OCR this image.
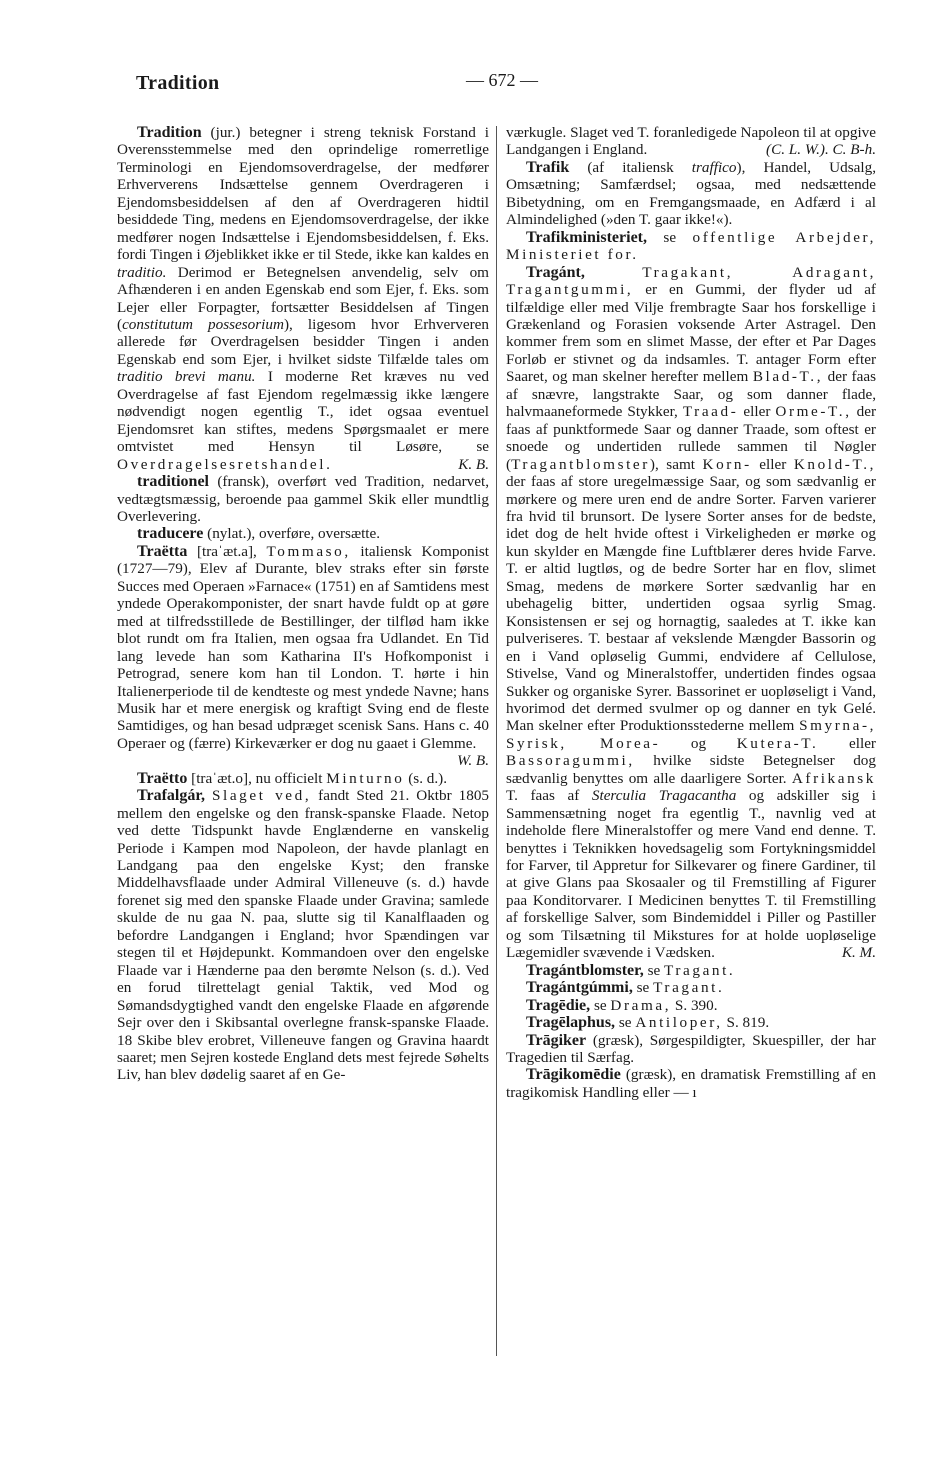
Tradition	— 672 —

Tradition (jur.) betegner i streng teknisk Forstand i Overensstemmelse med den oprindelige romerretlige Terminologi en Ejendomsoverdragelse, der medfører Erhververens Indsættelse gennem Overdrageren i Ejendomsbesiddelsen af den af Overdrageren hidtil besiddede Ting, medens en Ejendomsoverdragelse, der ikke medfører nogen Indsættelse i Ejendomsbesiddelsen, f. Eks. fordi Tingen i Øjeblikket ikke er til Stede, ikke kan kaldes en traditio. Derimod er Betegnelsen anvendelig, selv om Afhænderen i en anden Egenskab end som Ejer, f. Eks. som Lejer eller Forpagter, fortsætter Besiddelsen af Tingen (constitutum possesorium), ligesom hvor Erhververen allerede før Overdragelsen besidder Tingen i anden Egenskab end som Ejer, i hvilket sidste Tilfælde tales om traditio brevi manu. I moderne Ret kræves nu ved Overdragelse af fast Ejendom regelmæssig ikke længere nødvendigt nogen egentlig T., idet ogsaa eventuel Ejendomsret kan stiftes, medens Spørgsmaalet er mere omtvistet med Hensyn til Løsøre, se Overdragelsesretshandel.	K. B.

traditionel (fransk), overført ved Tradition, nedarvet, vedtægtsmæssig, beroende paa gammel Skik eller mundtlig Overlevering.

traducere (nylat.), overføre, oversætte.

Traëtta [traˈæt.a], Tommaso, italiensk Komponist (1727—79), Elev af Durante, blev straks efter sin første Succes med Operaen »Farnace« (1751) en af Samtidens mest yndede Operakomponister, der snart havde fuldt op at gøre med at tilfredsstillede de Bestillinger, der tilflød ham ikke blot rundt om fra Italien, men ogsaa fra Udlandet. En Tid lang levede han som Katharina II's Hofkomponist i Petrograd, senere kom han til London. T. hørte i hin Italienerperiode til de kendteste og mest yndede Navne; hans Musik har et mere energisk og kraftigt Sving end de fleste Samtidiges, og han besad udpræget scenisk Sans. Hans c. 40 Operaer og (færre) Kirkeværker er dog nu gaaet i Glemme.
W. B.

Traëtto [traˈæt.o], nu officielt Minturno (s. d.).

Trafalgár, Slaget ved, fandt Sted 21. Oktbr 1805 mellem den engelske og den fransk-spanske Flaade. Netop ved dette Tidspunkt havde Englænderne en vanskelig Periode i Kampen mod Napoleon, der havde planlagt en Landgang paa den engelske Kyst; den franske Middelhavsflaade under Admiral Villeneuve (s. d.) havde forenet sig med den spanske Flaade under Gravina; samlede skulde de nu gaa N. paa, slutte sig til Kanalflaaden og befordre Landgangen i England; hvor Spændingen var stegen til et Højdepunkt. Kommandoen over den engelske Flaade var i Hænderne paa den berømte Nelson (s. d.). Ved en forud tilrettelagt genial Taktik, ved Mod og Sømandsdygtighed vandt den engelske Flaade en afgørende Sejr over den i Skibsantal overlegne fransk-spanske Flaade. 18 Skibe blev erobret, Villeneuve fangen og Gravina haardt saaret; men Sejren kostede England dets mest fejrede Søhelts Liv, han blev dødelig saaret af en Ge-

værkugle. Slaget ved T. foranledigede Napoleon til at opgive Landgangen i England.	(C. L. W.). C. B-h.

Trafik (af italiensk traffico), Handel, Udsalg, Omsætning; Samfærdsel; ogsaa, med nedsættende Bibetydning, om en Fremgangsmaade, en Adfærd i al Almindelighed (»den T. gaar ikke!«).

Trafikministeriet, se offentlige Arbejder, Ministeriet for.

Tragánt,	Tragakant, Adragant, Tragantgummi, er en Gummi, der flyder ud af tilfældige eller med Vilje frembragte Saar hos forskellige i Grækenland og Forasien voksende Arter Astragel. Den kommer frem som en slimet Masse, der efter et Par Dages Forløb er stivnet og da indsamles. T. antager Form efter Saaret, og man skelner herefter mellem Blad-T., der faas af snævre, langstrakte Saar, og som danner flade, halvmaaneformede Stykker, Traad- eller Orme-T., der faas af punktformede Saar og danner Traade, som oftest er snoede og undertiden rullede sammen til Nøgler (Tragantblomster), samt Korn- eller Knold-T., der faas af store uregelmæssige Saar, og som sædvanlig er mørkere og mere uren end de andre Sorter. Farven varierer fra hvid til brunsort. De lysere Sorter anses for de bedste, idet dog de helt hvide oftest i Virkeligheden er mørke og kun skylder en Mængde fine Luftblærer deres hvide Farve. T. er altid lugtløs, og de bedre Sorter har en flov, slimet Smag, medens de mørkere Sorter sædvanlig har en ubehagelig bitter, undertiden ogsaa syrlig Smag. Konsistensen er sej og hornagtig, saaledes at T. ikke kan pulveriseres. T. bestaar af vekslende Mængder Bassorin og en i Vand opløselig Gummi, endvidere af Cellulose, Stivelse, Vand og Mineralstoffer, undertiden findes ogsaa Sukker og organiske Syrer. Bassorinet er uopløseligt i Vand, hvorimod det dermed svulmer op og danner en tyk Gelé. Man skelner efter Produktionsstederne mellem Smyrna-, Syrisk, Morea- og Kutera-T. eller Bassoragummi, hvilke sidste Betegnelser dog sædvanlig benyttes om alle daarligere Sorter. Afrikansk T. faas af Sterculia Tragacantha og adskiller sig i Sammensætning noget fra egentlig T., navnlig ved at indeholde flere Mineralstoffer og mere Vand end denne. T. benyttes i Teknikken hovedsagelig som Fortykningsmiddel for Farver, til Appretur for Silkevarer og finere Gardiner, til at give Glans paa Skosaaler og til Fremstilling af Figurer paa Konditorvarer. I Medicinen benyttes T. til Fremstilling af forskellige Salver, som Bindemiddel i Piller og Pastiller og som Tilsætning til Mikstures for at holde uopløselige Lægemidler svævende i Vædsken.	K. M.

Tragántblomster, se Tragant.

Tragántgúmmi, se Tragant.

Tragēdie, se Drama, S. 390.

Tragēlaphus, se Antiloper, S. 819.

Trāgiker (græsk), Sørgespildigter, Skuespiller, der har Tragedien til Særfag.

Trāgikomēdie (græsk), en dramatisk Fremstilling af en tragikomisk Handling eller — ı
